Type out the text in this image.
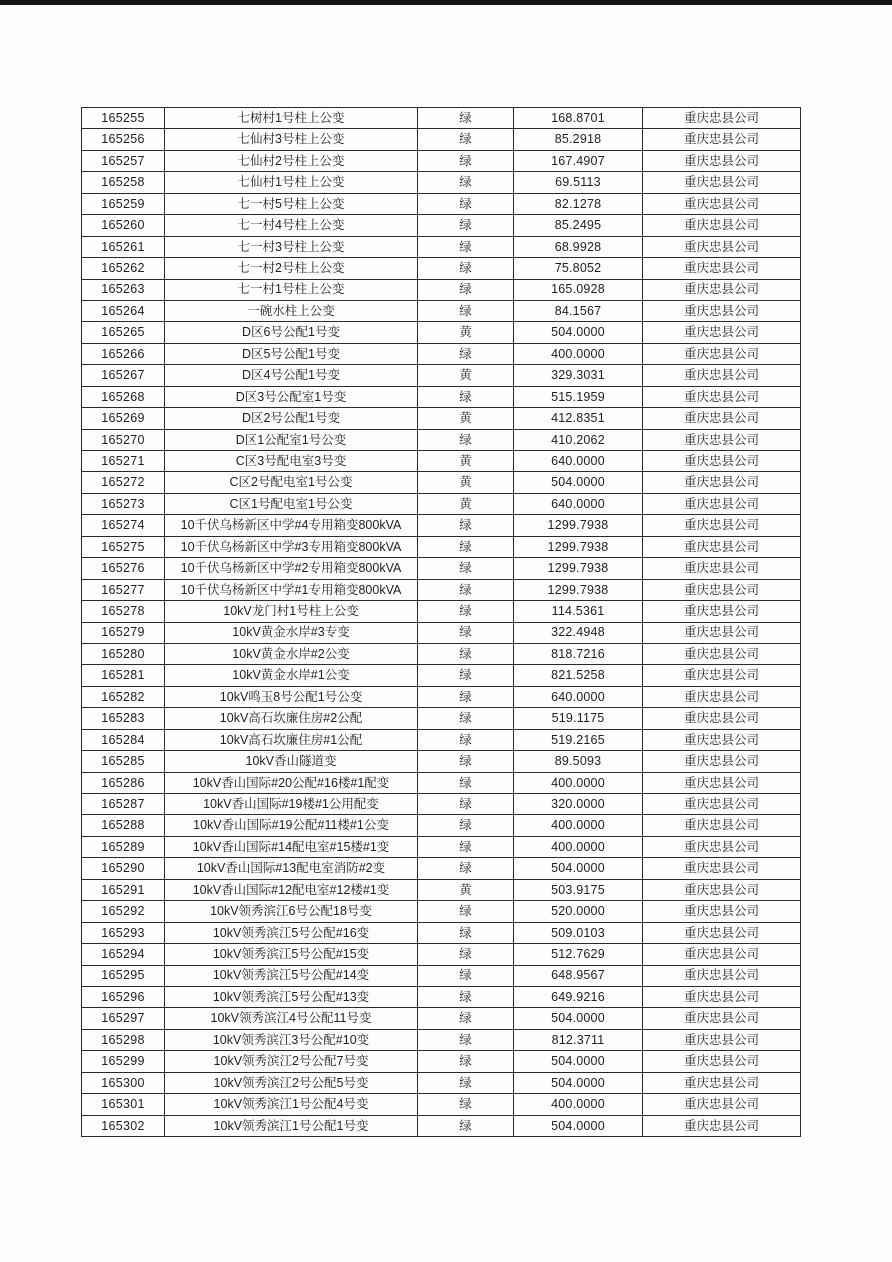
165255	七树村1号柱上公变	绿	168.8701	重庆忠县公司
165256	七仙村3号柱上公变	绿	85.2918	重庆忠县公司
165257	七仙村2号柱上公变	绿	167.4907	重庆忠县公司
165258	七仙村1号柱上公变	绿	69.5113	重庆忠县公司
165259	七一村5号柱上公变	绿	82.1278	重庆忠县公司
165260	七一村4号柱上公变	绿	85.2495	重庆忠县公司
165261	七一村3号柱上公变	绿	68.9928	重庆忠县公司
165262	七一村2号柱上公变	绿	75.8052	重庆忠县公司
165263	七一村1号柱上公变	绿	165.0928	重庆忠县公司
165264	一碗水柱上公变	绿	84.1567	重庆忠县公司
165265	D区6号公配1号变	黄	504.0000	重庆忠县公司
165266	D区5号公配1号变	绿	400.0000	重庆忠县公司
165267	D区4号公配1号变	黄	329.3031	重庆忠县公司
165268	D区3号公配室1号变	绿	515.1959	重庆忠县公司
165269	D区2号公配1号变	黄	412.8351	重庆忠县公司
165270	D区1公配室1号公变	绿	410.2062	重庆忠县公司
165271	C区3号配电室3号变	黄	640.0000	重庆忠县公司
165272	C区2号配电室1号公变	黄	504.0000	重庆忠县公司
165273	C区1号配电室1号公变	黄	640.0000	重庆忠县公司
165274	10千伏乌杨新区中学#4专用箱变800kVA	绿	1299.7938	重庆忠县公司
165275	10千伏乌杨新区中学#3专用箱变800kVA	绿	1299.7938	重庆忠县公司
165276	10千伏乌杨新区中学#2专用箱变800kVA	绿	1299.7938	重庆忠县公司
165277	10千伏乌杨新区中学#1专用箱变800kVA	绿	1299.7938	重庆忠县公司
165278	10kV龙门村1号柱上公变	绿	114.5361	重庆忠县公司
165279	10kV黄金水岸#3专变	绿	322.4948	重庆忠县公司
165280	10kV黄金水岸#2公变	绿	818.7216	重庆忠县公司
165281	10kV黄金水岸#1公变	绿	821.5258	重庆忠县公司
165282	10kV鸣玉8号公配1号公变	绿	640.0000	重庆忠县公司
165283	10kV高石坎廉住房#2公配	绿	519.1175	重庆忠县公司
165284	10kV高石坎廉住房#1公配	绿	519.2165	重庆忠县公司
165285	10kV香山隧道变	绿	89.5093	重庆忠县公司
165286	10kV香山国际#20公配#16楼#1配变	绿	400.0000	重庆忠县公司
165287	10kV香山国际#19楼#1公用配变	绿	320.0000	重庆忠县公司
165288	10kV香山国际#19公配#11楼#1公变	绿	400.0000	重庆忠县公司
165289	10kV香山国际#14配电室#15楼#1变	绿	400.0000	重庆忠县公司
165290	10kV香山国际#13配电室消防#2变	绿	504.0000	重庆忠县公司
165291	10kV香山国际#12配电室#12楼#1变	黄	503.9175	重庆忠县公司
165292	10kV领秀滨江6号公配18号变	绿	520.0000	重庆忠县公司
165293	10kV领秀滨江5号公配#16变	绿	509.0103	重庆忠县公司
165294	10kV领秀滨江5号公配#15变	绿	512.7629	重庆忠县公司
165295	10kV领秀滨江5号公配#14变	绿	648.9567	重庆忠县公司
165296	10kV领秀滨江5号公配#13变	绿	649.9216	重庆忠县公司
165297	10kV领秀滨江4号公配11号变	绿	504.0000	重庆忠县公司
165298	10kV领秀滨江3号公配#10变	绿	812.3711	重庆忠县公司
165299	10kV领秀滨江2号公配7号变	绿	504.0000	重庆忠县公司
165300	10kV领秀滨江2号公配5号变	绿	504.0000	重庆忠县公司
165301	10kV领秀滨江1号公配4号变	绿	400.0000	重庆忠县公司
165302	10kV领秀滨江1号公配1号变	绿	504.0000	重庆忠县公司
